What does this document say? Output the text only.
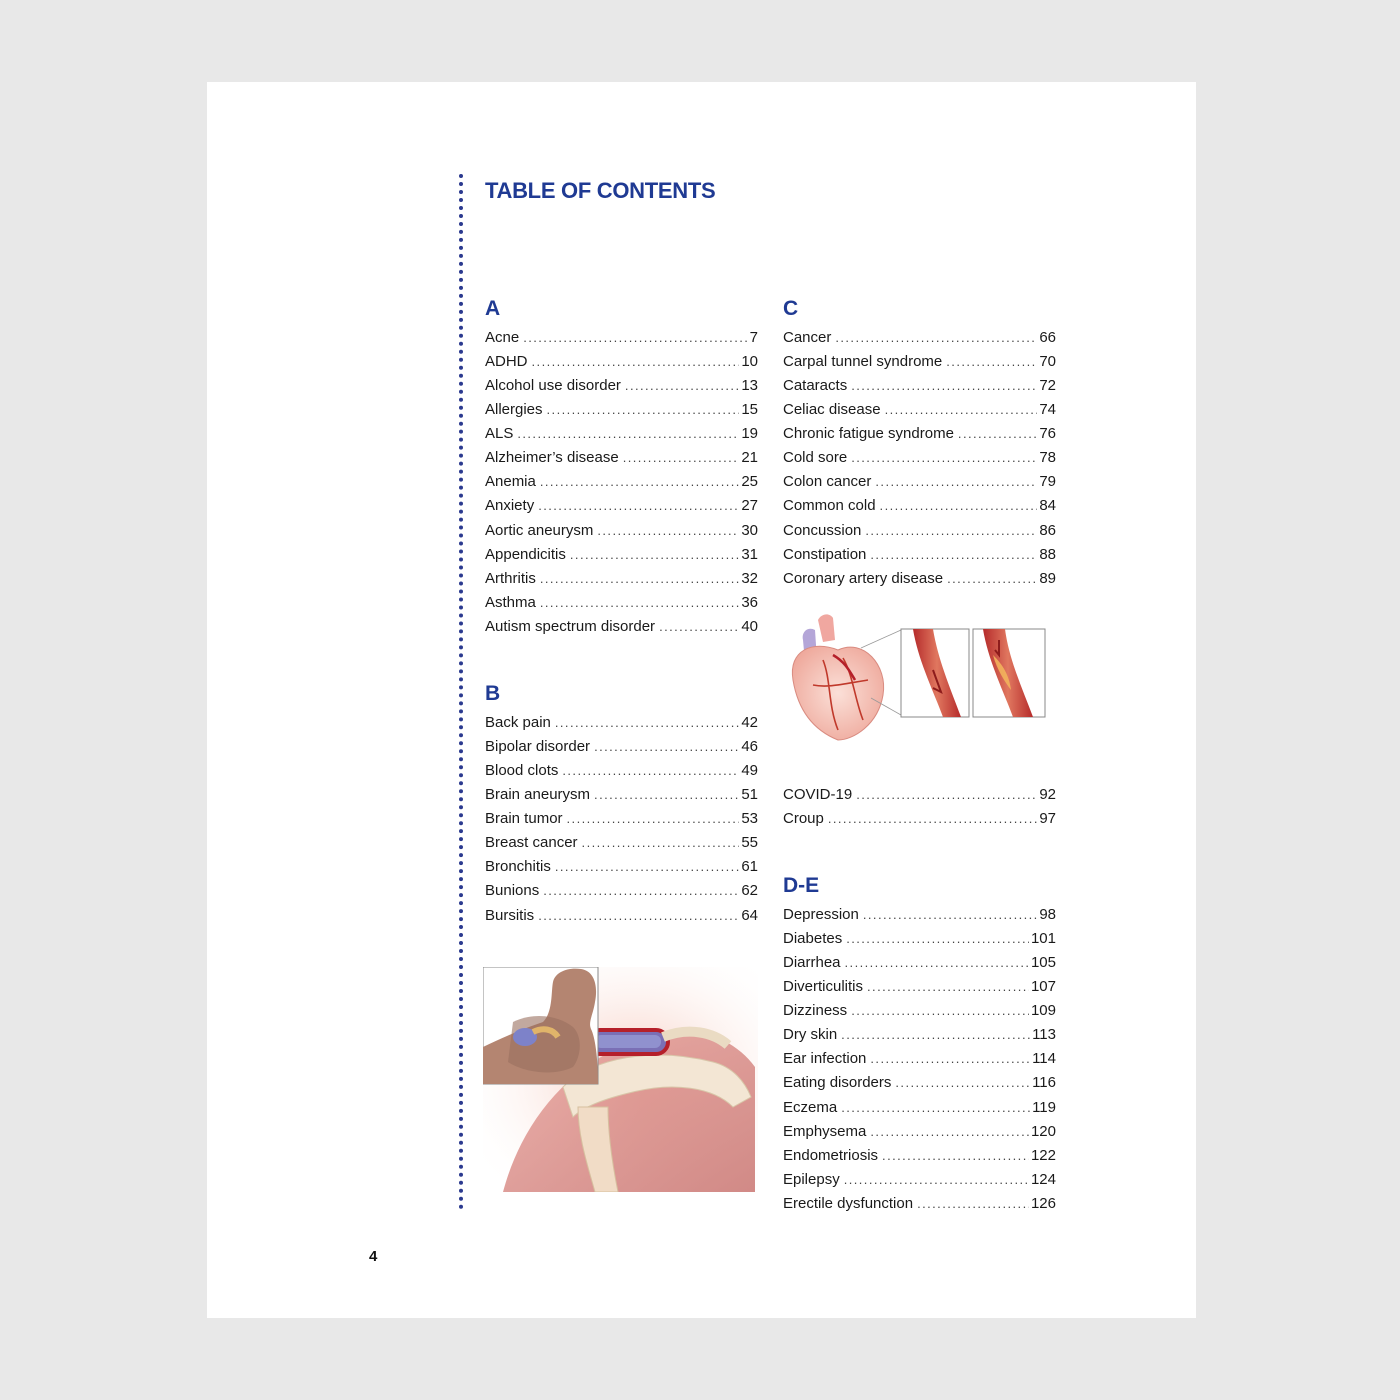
TABLE OF CONTENTS
A
Acne . . .	7
ADHD . . .	10
Alcohol use disorder . . .	13
Allergies . . .	15
ALS . . .	19
Alzheimer’s disease . . .	21
Anemia . . .	25
Anxiety . . .	27
Aortic aneurysm . . .	30
Appendicitis . . .	31
Arthritis . . .	32
Asthma . . .	36
Autism spectrum disorder . . .	40
B
Back pain . . .	42
Bipolar disorder . . .	46
Blood clots . . .	49
Brain aneurysm . . .	51
Brain tumor . . .	53
Breast cancer . . .	55
Bronchitis . . .	61
Bunions . . .	62
Bursitis . . .	64
C
Cancer . . .	66
Carpal tunnel syndrome . . .	70
Cataracts . . .	72
Celiac disease . . .	74
Chronic fatigue syndrome . . .	76
Cold sore . . .	78
Colon cancer . . .	79
Common cold . . .	84
Concussion . . .	86
Constipation . . .	88
Coronary artery disease . . .	89
COVID-19 . . .	92
Croup . . .	97
D-E
Depression . . .	98
Diabetes . . .	101
Diarrhea . . .	105
Diverticulitis . . .	107
Dizziness . . .	109
Dry skin . . .	113
Ear infection . . .	114
Eating disorders . . .	116
Eczema . . .	119
Emphysema . . .	120
Endometriosis . . .	122
Epilepsy . . .	124
Erectile dysfunction . . .	126
4
